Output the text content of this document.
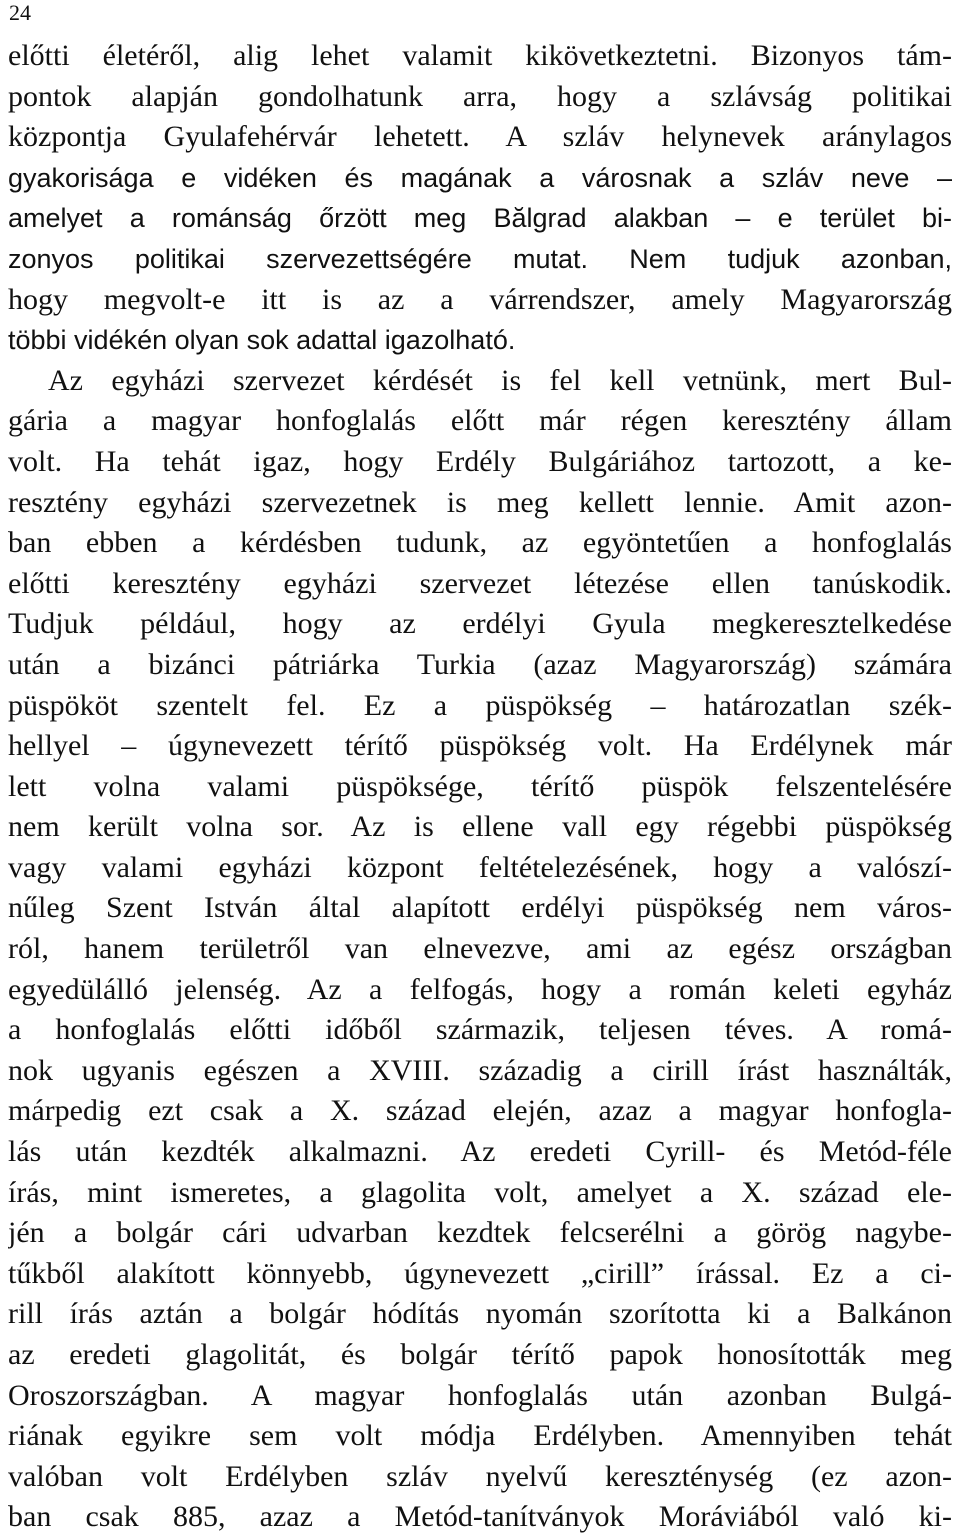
24
előtti életéről, alig lehet valamit kikövetkeztetni. Bizonyos tám-
pontok alapján gondolhatunk arra, hogy a szlávság politikai
központja Gyulafehérvár lehetett. A szláv helynevek aránylagos
gyakorisága e vidéken és magának a városnak a szláv neve –
amelyet a románság őrzött meg Bălgrad alakban – e terület bi-
zonyos politikai szervezettségére mutat. Nem tudjuk azonban,
hogy megvolt-e itt is az a várrendszer, amely Magyarország
többi vidékén olyan sok adattal igazolható.
Az egyházi szervezet kérdését is fel kell vetnünk, mert Bul-
gária a magyar honfoglalás előtt már régen keresztény állam
volt. Ha tehát igaz, hogy Erdély Bulgáriához tartozott, a ke-
resztény egyházi szervezetnek is meg kellett lennie. Amit azon-
ban ebben a kérdésben tudunk, az egyöntetűen a honfoglalás
előtti keresztény egyházi szervezet létezése ellen tanúskodik.
Tudjuk például, hogy az erdélyi Gyula megkeresztelkedése
után a bizánci pátriárka Turkia (azaz Magyarország) számára
püspököt szentelt fel. Ez a püspökség – határozatlan szék-
hellyel – úgynevezett térítő püspökség volt. Ha Erdélynek már
lett volna valami püspöksége, térítő püspök felszentelésére
nem került volna sor. Az is ellene vall egy régebbi püspökség
vagy valami egyházi központ feltételezésének, hogy a valószí-
nűleg Szent István által alapított erdélyi püspökség nem város-
ról, hanem területről van elnevezve, ami az egész országban
egyedülálló jelenség. Az a felfogás, hogy a román keleti egyház
a honfoglalás előtti időből származik, teljesen téves. A romá-
nok ugyanis egészen a XVIII. századig a cirill írást használták,
márpedig ezt csak a X. század elején, azaz a magyar honfogla-
lás után kezdték alkalmazni. Az eredeti Cyrill- és Metód-féle
írás, mint ismeretes, a glagolita volt, amelyet a X. század ele-
jén a bolgár cári udvarban kezdtek felcserélni a görög nagybe-
tűkből alakított könnyebb, úgynevezett „cirill” írással. Ez a ci-
rill írás aztán a bolgár hódítás nyomán szorította ki a Balkánon
az eredeti glagolitát, és bolgár térítő papok honosították meg
Oroszországban. A magyar honfoglalás után azonban Bulgá-
riának egyikre sem volt módja Erdélyben. Amennyiben tehát
valóban volt Erdélyben szláv nyelvű kereszténység (ez azon-
ban csak 885, azaz a Metód-tanítványok Moráviából való ki-
